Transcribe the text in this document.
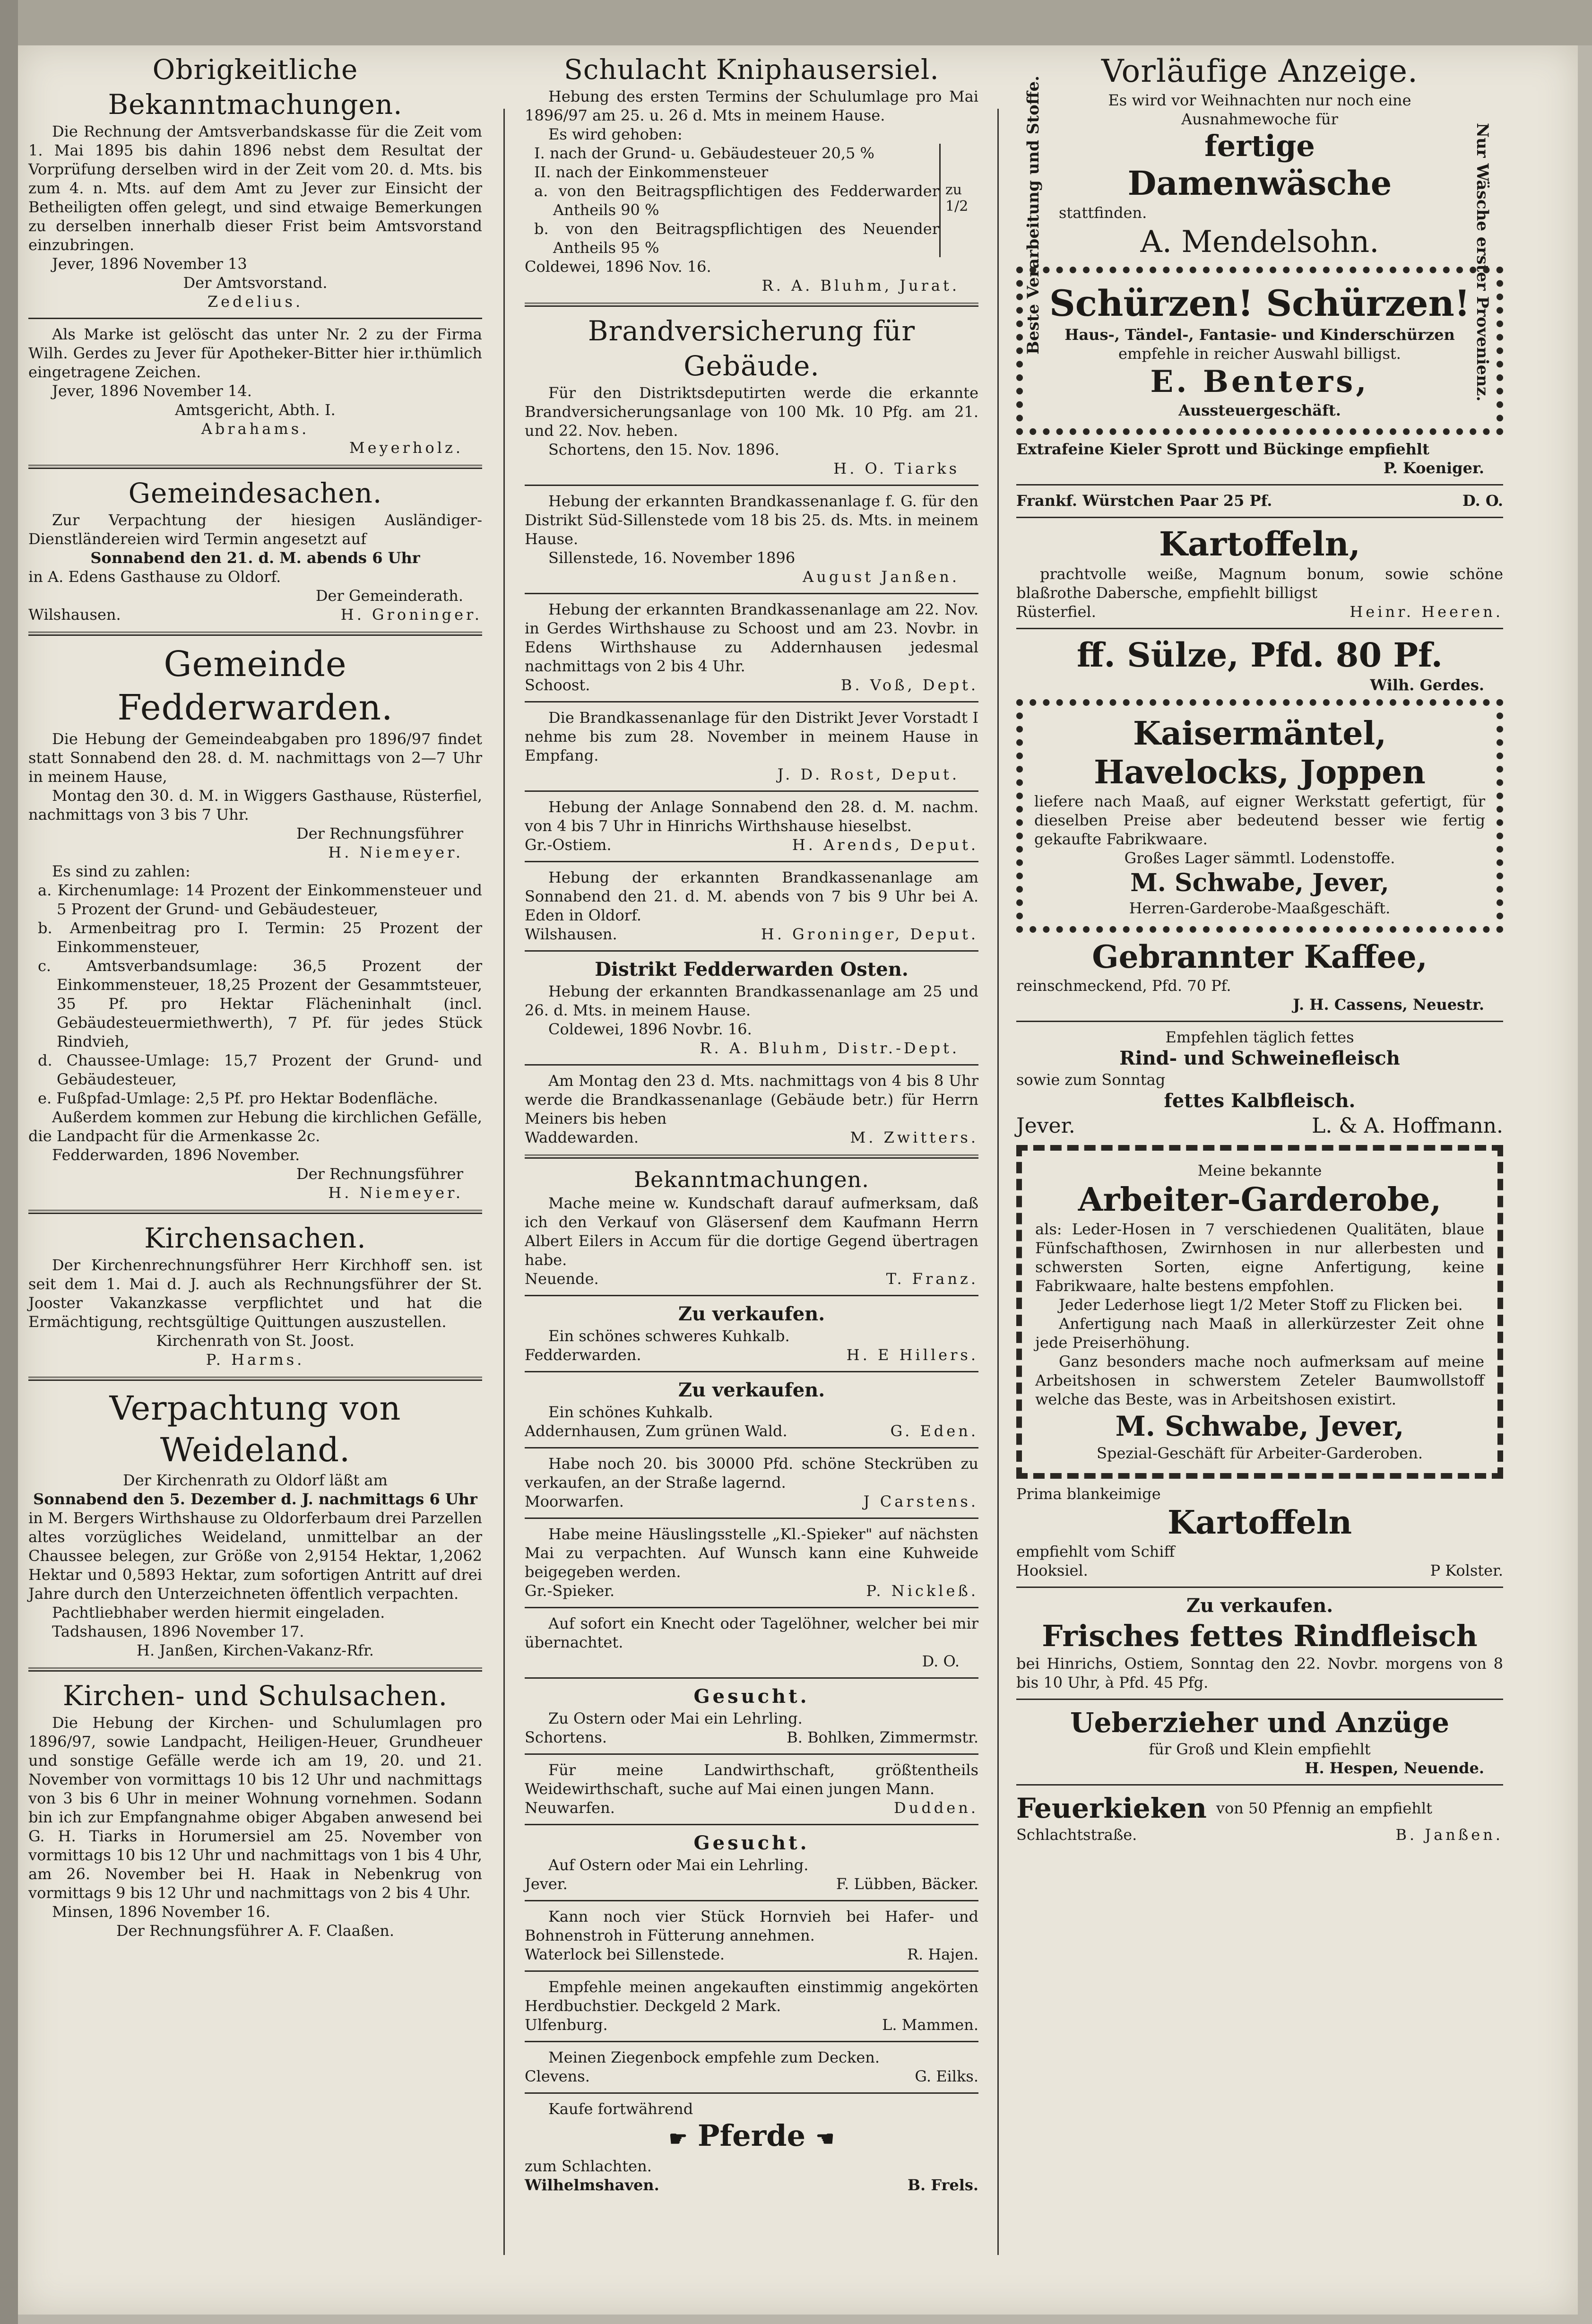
Obrigkeitliche Bekanntmachungen.

Die Rechnung der Amtsverbandskasse für die Zeit vom 1. Mai 1895 bis dahin 1896 nebst dem Resultat der Vorprüfung derselben wird in der Zeit vom 20. d. Mts. bis zum 4. n. Mts. auf dem Amt zu Jever zur Einsicht der Betheiligten offen gelegt, und sind etwaige Bemerkungen zu derselben innerhalb dieser Frist beim Amtsvorstand einzubringen.

Jever, 1896 November 13

Der Amtsvorstand.
Zedelius.

Als Marke ist gelöscht das unter Nr. 2 zu der Firma Wilh. Gerdes zu Jever für Apotheker-Bitter hier ir.thümlich eingetragene Zeichen.

Jever, 1896 November 14.

Amtsgericht, Abth. I.
Abrahams.
Meyerholz.
Gemeindesachen.

Zur Verpachtung der hiesigen Ausländiger-Dienstländereien wird Termin angesetzt auf

Sonnabend den 21. d. M. abends 6 Uhr

in A. Edens Gasthause zu Oldorf.

Der Gemeinderath.
Wilshausen.	H. Groninger.
Gemeinde Fedderwarden.

Die Hebung der Gemeindeabgaben pro 1896/97 findet statt Sonnabend den 28. d. M. nachmittags von 2—7 Uhr in meinem Hause,

Montag den 30. d. M. in Wiggers Gasthause, Rüsterfiel, nachmittags von 3 bis 7 Uhr.

Der Rechnungsführer
H. Niemeyer.

Es sind zu zahlen:

a. Kirchenumlage: 14 Prozent der Einkommensteuer und 5 Prozent der Grund- und Gebäudesteuer,

b. Armenbeitrag pro I. Termin: 25 Prozent der Einkommensteuer,

c. Amtsverbandsumlage: 36,5 Prozent der Einkommensteuer, 18,25 Prozent der Gesammtsteuer, 35 Pf. pro Hektar Flächeninhalt (incl. Gebäudesteuermiethwerth), 7 Pf. für jedes Stück Rindvieh,

d. Chaussee-Umlage: 15,7 Prozent der Grund- und Gebäudesteuer,

e. Fußpfad-Umlage: 2,5 Pf. pro Hektar Bodenfläche.

Außerdem kommen zur Hebung die kirchlichen Gefälle, die Landpacht für die Armenkasse 2c.

Fedderwarden, 1896 November.

Der Rechnungsführer
H. Niemeyer.
Kirchensachen.

Der Kirchenrechnungsführer Herr Kirchhoff sen. ist seit dem 1. Mai d. J. auch als Rechnungsführer der St. Jooster Vakanzkasse verpflichtet und hat die Ermächtigung, rechtsgültige Quittungen auszustellen.

Kirchenrath von St. Joost.
P. Harms.
Verpachtung von Weideland.

Der Kirchenrath zu Oldorf läßt am

Sonnabend den 5. Dezember d. J. nachmittags 6 Uhr

in M. Bergers Wirthshause zu Oldorferbaum drei Parzellen altes vorzügliches Weideland, unmittelbar an der Chaussee belegen, zur Größe von 2,9154 Hektar, 1,2062 Hektar und 0,5893 Hektar, zum sofortigen Antritt auf drei Jahre durch den Unterzeichneten öffentlich verpachten.

Pachtliebhaber werden hiermit eingeladen.

Tadshausen, 1896 November 17.

H. Janßen, Kirchen-Vakanz-Rfr.
Kirchen- und Schulsachen.

Die Hebung der Kirchen- und Schulumlagen pro 1896/97, sowie Landpacht, Heiligen-Heuer, Grundheuer und sonstige Gefälle werde ich am 19, 20. und 21. November von vormittags 10 bis 12 Uhr und nachmittags von 3 bis 6 Uhr in meiner Wohnung vornehmen. Sodann bin ich zur Empfangnahme obiger Abgaben anwesend bei G. H. Tiarks in Horumersiel am 25. November von vormittags 10 bis 12 Uhr und nachmittags von 1 bis 4 Uhr, am 26. November bei H. Haak in Nebenkrug von vormittags 9 bis 12 Uhr und nachmittags von 2 bis 4 Uhr.

Minsen, 1896 November 16.

Der Rechnungsführer A. F. Claaßen.
Schulacht Kniphausersiel.

Hebung des ersten Termins der Schulumlage pro Mai 1896/97 am 25. u. 26 d. Mts in meinem Hause.

Es wird gehoben:

I. nach der Grund- u. Gebäudesteuer 20,5 %

II. nach der Einkommensteuer

a. von den Beitragspflichtigen des Fedderwarder Antheils 90 %

b. von den Beitragspflichtigen des Neuender Antheils 95 %

zu 1/2
Coldewei, 1896 Nov. 16.
R. A. Bluhm, Jurat.
Brandversicherung für Gebäude.

Für den Distriktsdeputirten werde die erkannte Brandversicherungsanlage von 100 Mk. 10 Pfg. am 21. und 22. Nov. heben.

Schortens, den 15. Nov. 1896.

H. O. Tiarks

Hebung der erkannten Brandkassenanlage f. G. für den Distrikt Süd-Sillenstede vom 18 bis 25. ds. Mts. in meinem Hause.

Sillenstede, 16. November 1896

August Janßen.

Hebung der erkannten Brandkassenanlage am 22. Nov. in Gerdes Wirthshause zu Schoost und am 23. Novbr. in Edens Wirthshause zu Addernhausen jedesmal nachmittags von 2 bis 4 Uhr.

Schoost.	B. Voß, Dept.

Die Brandkassenanlage für den Distrikt Jever Vorstadt I nehme bis zum 28. November in meinem Hause in Empfang.

J. D. Rost, Deput.

Hebung der Anlage Sonnabend den 28. d. M. nachm. von 4 bis 7 Uhr in Hinrichs Wirthshause hieselbst.

Gr.-Ostiem.	H. Arends, Deput.

Hebung der erkannten Brandkassenanlage am Sonnabend den 21. d. M. abends von 7 bis 9 Uhr bei A. Eden in Oldorf.

Wilshausen.	H. Groninger, Deput.
Distrikt Fedderwarden Osten.

Hebung der erkannten Brandkassenanlage am 25 und 26. d. Mts. in meinem Hause.

Coldewei, 1896 Novbr. 16.

R. A. Bluhm, Distr.-Dept.

Am Montag den 23 d. Mts. nachmittags von 4 bis 8 Uhr werde die Brandkassenanlage (Gebäude betr.) für Herrn Meiners bis heben

Waddewarden.	M. Zwitters.
Bekanntmachungen.

Mache meine w. Kundschaft darauf aufmerksam, daß ich den Verkauf von Gläsersenf dem Kaufmann Herrn Albert Eilers in Accum für die dortige Gegend übertragen habe.

Neuende.	T. Franz.
Zu verkaufen.

Ein schönes schweres Kuhkalb.

Fedderwarden.	H. E Hillers.
Zu verkaufen.

Ein schönes Kuhkalb.

Addernhausen, Zum grünen Wald.	G. Eden.

Habe noch 20. bis 30000 Pfd. schöne Steckrüben zu verkaufen, an der Straße lagernd.

Moorwarfen.	J Carstens.

Habe meine Häuslingsstelle „Kl.-Spieker" auf nächsten Mai zu verpachten. Auf Wunsch kann eine Kuhweide beigegeben werden.

Gr.-Spieker.	P. Nickleß.

Auf sofort ein Knecht oder Tagelöhner, welcher bei mir übernachtet.

D. O.
Gesucht.

Zu Ostern oder Mai ein Lehrling.

Schortens.	B. Bohlken, Zimmermstr.

Für meine Landwirthschaft, größtentheils Weidewirthschaft, suche auf Mai einen jungen Mann.

Neuwarfen.	Dudden.
Gesucht.

Auf Ostern oder Mai ein Lehrling.

Jever.	F. Lübben, Bäcker.

Kann noch vier Stück Hornvieh bei Hafer- und Bohnenstroh in Fütterung annehmen.

Waterlock bei Sillenstede.	R. Hajen.

Empfehle meinen angekauften einstimmig angekörten Herdbuchstier. Deckgeld 2 Mark.

Ulfenburg.	L. Mammen.

Meinen Ziegenbock empfehle zum Decken.

Clevens.	G. Eilks.

Kaufe fortwährend

☛ Pferde ☚

zum Schlachten.

Wilhelmshaven.	B. Frels.
Beste Verarbeitung und Stoffe.	Nur Wäsche erster Provenienz.
Vorläufige Anzeige.

Es wird vor Weihnachten nur noch eine Ausnahmewoche für

fertige
Damenwäsche

stattfinden.

A. Mendelsohn.
Schürzen! Schürzen!

Haus-, Tändel-, Fantasie- und Kinderschürzen

empfehle in reicher Auswahl billigst.

E. Benters,

Aussteuergeschäft.

Extrafeine Kieler Sprott und Bückinge empfiehlt

P. Koeniger.
Frankf. Würstchen Paar 25 Pf.	D. O.
Kartoffeln,

prachtvolle weiße, Magnum bonum, sowie schöne blaßrothe Dabersche, empfiehlt billigst

Rüsterfiel.	Heinr. Heeren.
ff. Sülze, Pfd. 80 Pf.
Wilh. Gerdes.
Kaisermäntel,
Havelocks, Joppen

liefere nach Maaß, auf eigner Werkstatt gefertigt, für dieselben Preise aber bedeutend besser wie fertig gekaufte Fabrikwaare.

Großes Lager sämmtl. Lodenstoffe.

M. Schwabe, Jever,

Herren-Garderobe-Maaßgeschäft.

Gebrannter Kaffee,

reinschmeckend, Pfd. 70 Pf.

J. H. Cassens, Neuestr.

Empfehlen täglich fettes

Rind- und Schweinefleisch

sowie zum Sonntag

fettes Kalbfleisch.

Jever.	L. & A. Hoffmann.

Meine bekannte

Arbeiter-Garderobe,

als: Leder-Hosen in 7 verschiedenen Qualitäten, blaue Fünfschafthosen, Zwirnhosen in nur allerbesten und schwersten Sorten, eigne Anfertigung, keine Fabrikwaare, halte bestens empfohlen.

Jeder Lederhose liegt 1/2 Meter Stoff zu Flicken bei.

Anfertigung nach Maaß in allerkürzester Zeit ohne jede Preiserhöhung.

Ganz besonders mache noch aufmerksam auf meine Arbeitshosen in schwerstem Zeteler Baumwollstoff welche das Beste, was in Arbeitshosen existirt.

M. Schwabe, Jever,

Spezial-Geschäft für Arbeiter-Garderoben.

Prima blankeimige

Kartoffeln

empfiehlt vom Schiff

Hooksiel.	P Kolster.
Zu verkaufen.
Frisches fettes Rindfleisch

bei Hinrichs, Ostiem, Sonntag den 22. Novbr. morgens von 8 bis 10 Uhr, à Pfd. 45 Pfg.

Ueberzieher und Anzüge

für Groß und Klein empfiehlt

H. Hespen, Neuende.
Feuerkieken von 50 Pfennig an empfiehlt
Schlachtstraße.	B. Janßen.
